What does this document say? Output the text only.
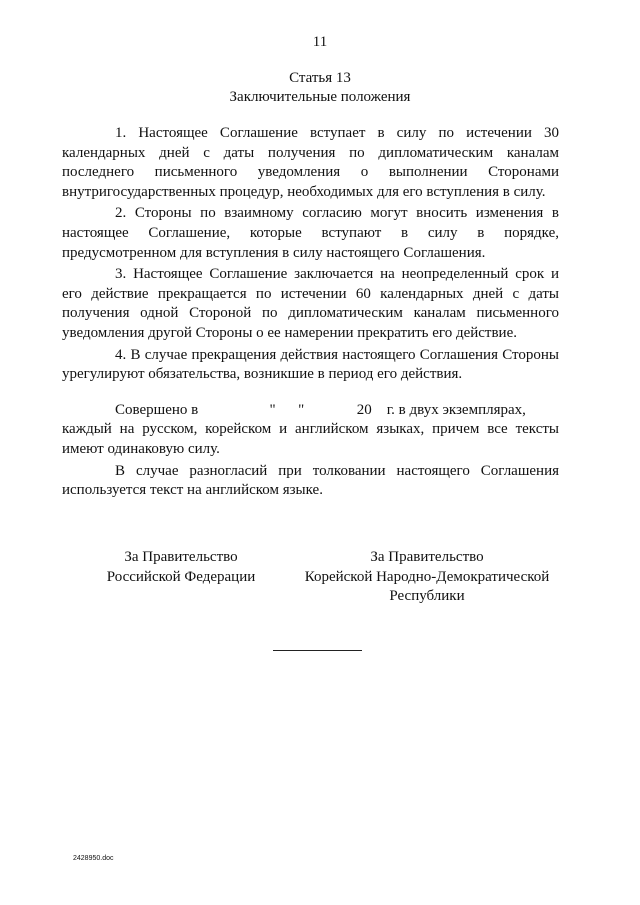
11
Статья 13
Заключительные положения

1. Настоящее Соглашение вступает в силу по истечении 30 календарных дней с даты получения по дипломатическим каналам последнего письменного уведомления о выполнении Сторонами внутригосударственных процедур, необходимых для его вступления в силу.

2. Стороны по взаимному согласию могут вносить изменения в настоящее Соглашение, которые вступают в силу в порядке, предусмотренном для вступления в силу настоящего Соглашения.

3. Настоящее Соглашение заключается на неопределенный срок и его действие прекращается по истечении 60 календарных дней с даты получения одной Стороной по дипломатическим каналам письменного уведомления другой Стороны о ее намерении прекратить его действие.

4. В случае прекращения действия настоящего Соглашения Стороны урегулируют обязательства, возникшие в период его действия.

Совершено в                   "      "              20    г. в двух экземплярах,

каждый на русском, корейском и английском языках, причем все тексты имеют одинаковую силу.

В случае разногласий при толковании настоящего Соглашения используется текст на английском языке.

За Правительство
Российской Федерации
За Правительство
Корейской Народно-Демократической
Республики
2428950.doc
